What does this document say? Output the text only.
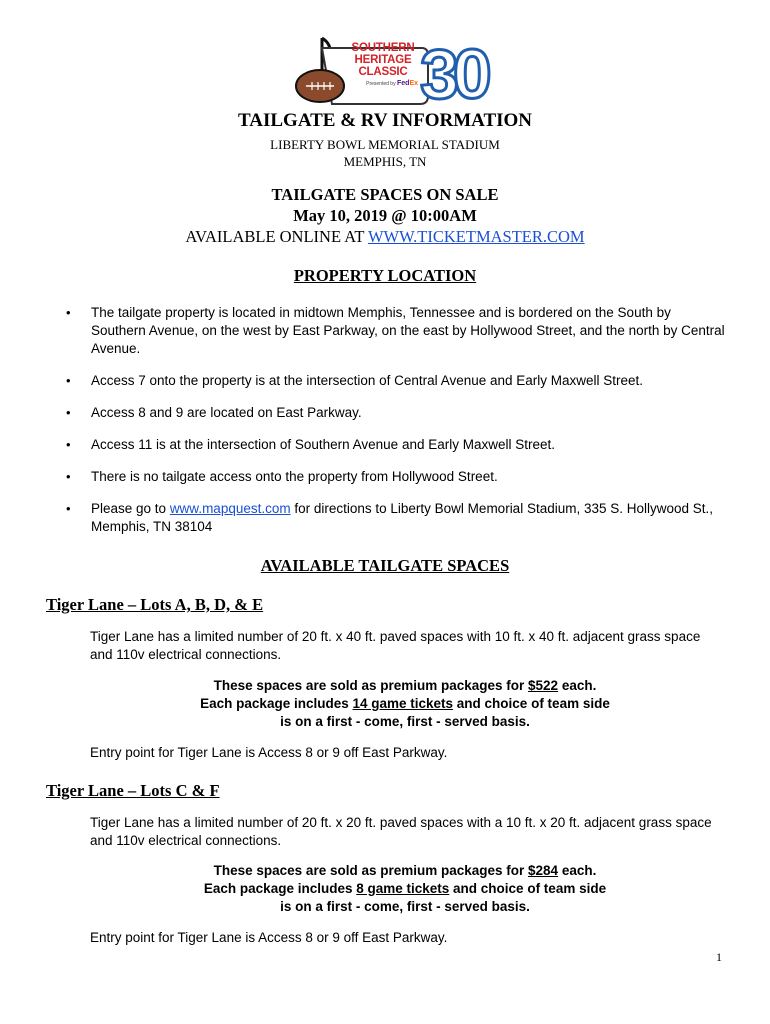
SOUTHERN
HERITAGE
CLASSIC
Presented by FedEx 30
TAILGATE & RV INFORMATION
LIBERTY BOWL MEMORIAL STADIUM
MEMPHIS, TN
TAILGATE SPACES ON SALE
May 10, 2019 @ 10:00AM
AVAILABLE ONLINE AT WWW.TICKETMASTER.COM
PROPERTY LOCATION
• The tailgate property is located in midtown Memphis, Tennessee and is bordered on the South by Southern Avenue, on the west by East Parkway, on the east by Hollywood Street, and the north by Central Avenue.
• Access 7 onto the property is at the intersection of Central Avenue and Early Maxwell Street.
• Access 8 and 9 are located on East Parkway.
• Access 11 is at the intersection of Southern Avenue and Early Maxwell Street.
• There is no tailgate access onto the property from Hollywood Street.
• Please go to www.mapquest.com for directions to Liberty Bowl Memorial Stadium, 335 S. Hollywood St., Memphis, TN 38104
AVAILABLE TAILGATE SPACES
Tiger Lane – Lots A, B, D, & E
Tiger Lane has a limited number of 20 ft. x 40 ft. paved spaces with 10 ft. x 40 ft. adjacent grass space and 110v electrical connections.
These spaces are sold as premium packages for $522 each.
Each package includes 14 game tickets and choice of team side
is on a first - come, first - served basis.
Entry point for Tiger Lane is Access 8 or 9 off East Parkway.
Tiger Lane – Lots C & F
Tiger Lane has a limited number of 20 ft. x 20 ft. paved spaces with a 10 ft. x 20 ft. adjacent grass space and 110v electrical connections.
These spaces are sold as premium packages for $284 each.
Each package includes 8 game tickets and choice of team side
is on a first - come, first - served basis.
Entry point for Tiger Lane is Access 8 or 9 off East Parkway.
1
